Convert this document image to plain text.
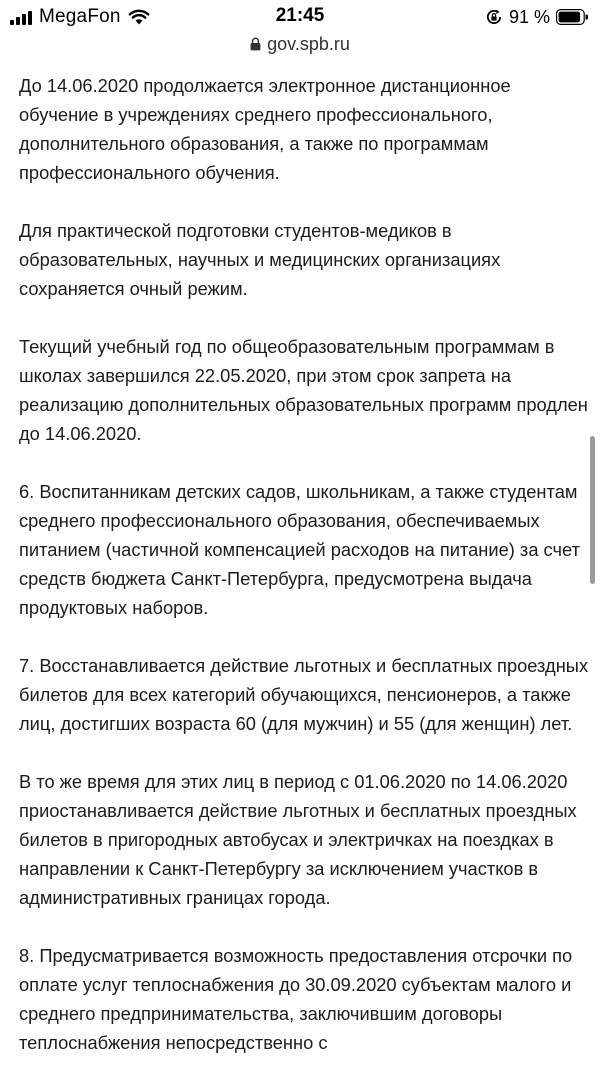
MegaFon	21:45	91 %
gov.spb.ru

До 14.06.2020 продолжается электронное дистанционное обучение в учреждениях среднего профессионального, дополнительного образования, а также по программам профессионального обучения.

Для практической подготовки студентов-медиков в образовательных, научных и медицинских организациях сохраняется очный режим.

Текущий учебный год по общеобразовательным программам в школах завершился 22.05.2020, при этом срок запрета на реализацию дополнительных образовательных программ продлен до 14.06.2020.

6. Воспитанникам детских садов, школьникам, а также студентам среднего профессионального образования, обеспечиваемых питанием (частичной компенсацией расходов на питание) за счет средств бюджета Санкт-Петербурга, предусмотрена выдача продуктовых наборов.

7. Восстанавливается действие льготных и бесплатных проездных билетов для всех категорий обучающихся, пенсионеров, а также лиц, достигших возраста 60 (для мужчин) и 55 (для женщин) лет.

В то же время для этих лиц в период с 01.06.2020 по 14.06.2020 приостанавливается действие льготных и бесплатных проездных билетов в пригородных автобусах и электричках на поездках в направлении к Санкт-Петербургу за исключением участков в административных границах города.

8. Предусматривается возможность предоставления отсрочки по оплате услуг теплоснабжения до 30.09.2020 субъектам малого и среднего предпринимательства, заключившим договоры теплоснабжения непосредственно с
